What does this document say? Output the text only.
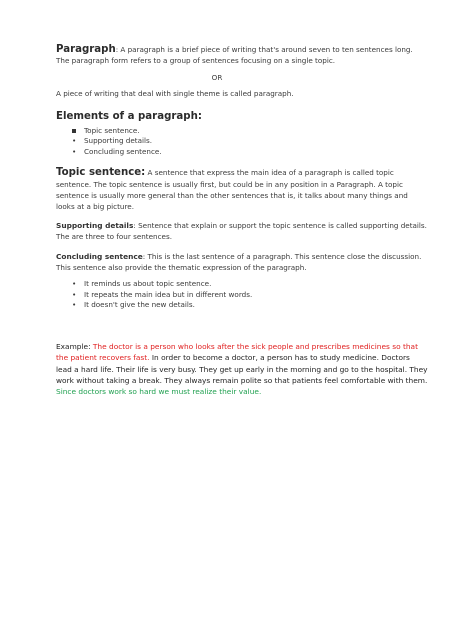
Paragraph: A paragraph is a brief piece of writing that's around seven to ten sentences long. The paragraph form refers to a group of sentences focusing on a single topic.

OR

A piece of writing that deal with single theme is called paragraph.

Elements of a paragraph:
Topic sentence.
• Supporting details.
• Concluding sentence.

Topic sentence: A sentence that express the main idea of a paragraph is called topic sentence. The topic sentence is usually first, but could be in any position in a Paragraph. A topic sentence is usually more general than the other sentences that is, it talks about many things and looks at a big picture.

Supporting details: Sentence that explain or support the topic sentence is called supporting details. The are three to four sentences.

Concluding sentence: This is the last sentence of a paragraph. This sentence close the discussion. This sentence also provide the thematic expression of the paragraph.

• It reminds us about topic sentence.
• It repeats the main idea but in different words.
• It doesn't give the new details.

Example: The doctor is a person who looks after the sick people and prescribes medicines so that the patient recovers fast. In order to become a doctor, a person has to study medicine. Doctors lead a hard life. Their life is very busy. They get up early in the morning and go to the hospital. They work without taking a break. They always remain polite so that patients feel comfortable with them. Since doctors work so hard we must realize their value.
